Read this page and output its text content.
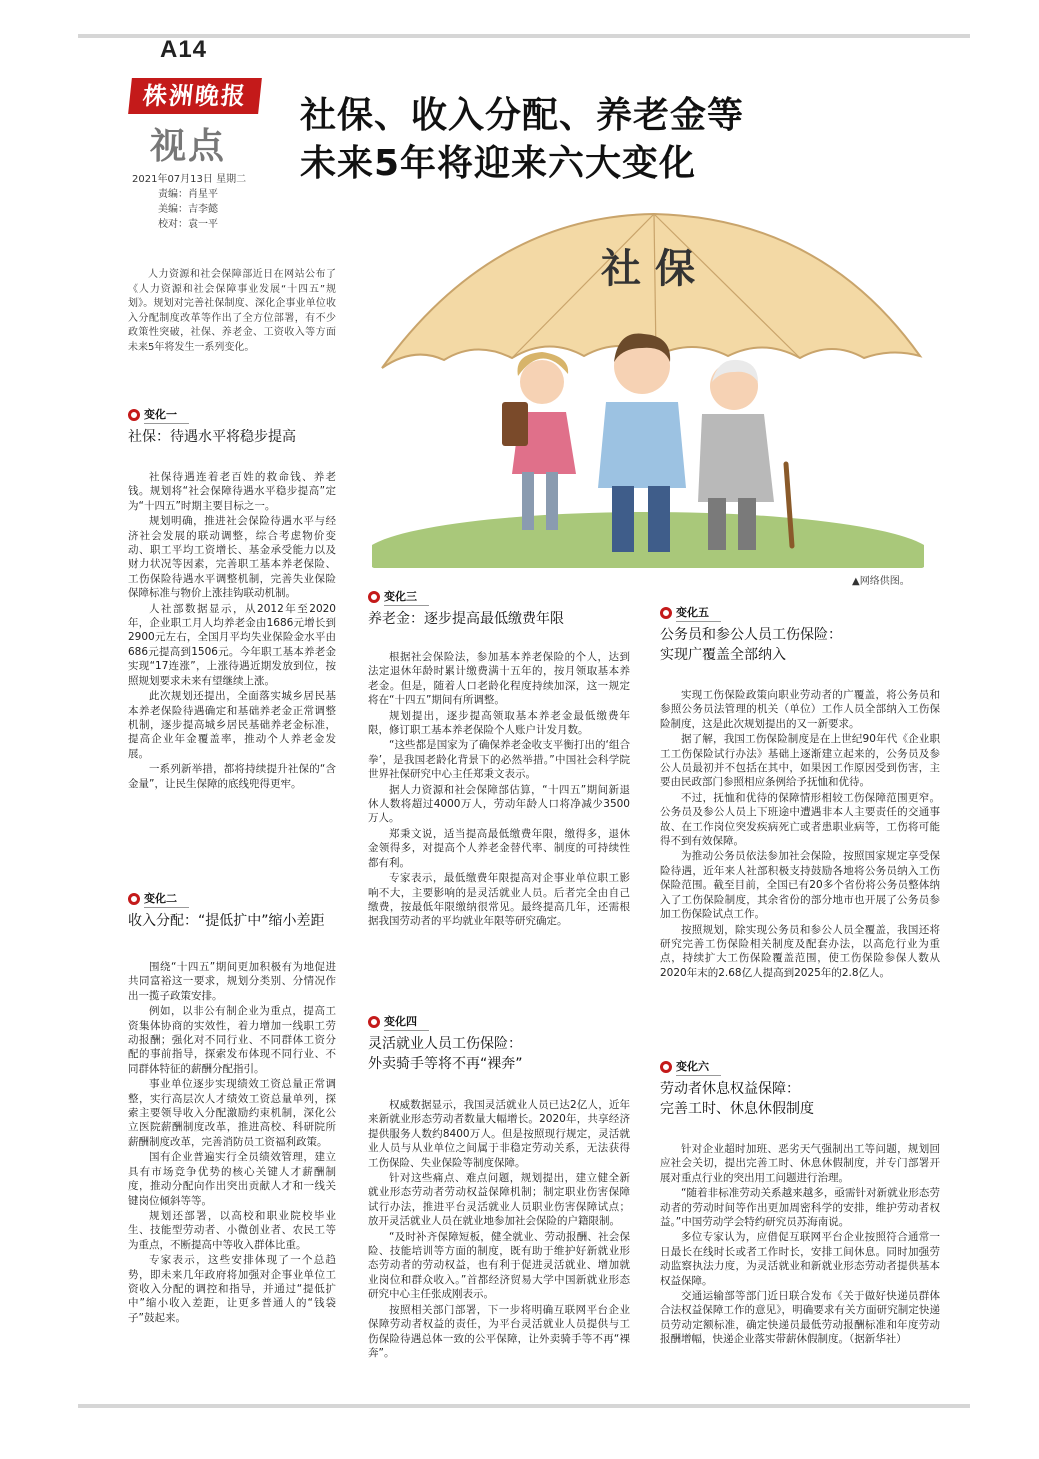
A14
株洲晚报
视点
2021年07月13日 星期二
责编：肖星平
美编：吉李懿
校对：袁一平
社保、收入分配、养老金等
未来5年将迎来六大变化
社 保
▲网络供图。

人力资源和社会保障部近日在网站公布了《人力资源和社会保障事业发展“十四五”规划》。规划对完善社保制度、深化企事业单位收入分配制度改革等作出了全方位部署，有不少政策性突破，社保、养老金、工资收入等方面未来5年将发生一系列变化。

变化一
社保：待遇水平将稳步提高

社保待遇连着老百姓的救命钱、养老钱。规划将“社会保障待遇水平稳步提高”定为“十四五”时期主要目标之一。

规划明确，推进社会保险待遇水平与经济社会发展的联动调整，综合考虑物价变动、职工平均工资增长、基金承受能力以及财力状况等因素，完善职工基本养老保险、工伤保险待遇水平调整机制，完善失业保险保障标准与物价上涨挂钩联动机制。

人社部数据显示，从2012年至2020年，企业职工月人均养老金由1686元增长到2900元左右，全国月平均失业保险金水平由686元提高到1506元。今年职工基本养老金实现“17连涨”，上涨待遇近期发放到位，按照规划要求未来有望继续上涨。

此次规划还提出，全面落实城乡居民基本养老保险待遇确定和基础养老金正常调整机制，逐步提高城乡居民基础养老金标准，提高企业年金覆盖率，推动个人养老金发展。

一系列新举措，都将持续提升社保的“含金量”，让民生保障的底线兜得更牢。

变化二
收入分配：“提低扩中”缩小差距

围绕“十四五”期间更加积极有为地促进共同富裕这一要求，规划分类别、分情况作出一揽子政策安排。

例如，以非公有制企业为重点，提高工资集体协商的实效性，着力增加一线职工劳动报酬；强化对不同行业、不同群体工资分配的事前指导，探索发布体现不同行业、不同群体特征的薪酬分配指引。

事业单位逐步实现绩效工资总量正常调整，实行高层次人才绩效工资总量单列，探索主要领导收入分配激励约束机制，深化公立医院薪酬制度改革，推进高校、科研院所薪酬制度改革，完善消防员工资福利政策。

国有企业普遍实行全员绩效管理，建立具有市场竞争优势的核心关键人才薪酬制度，推动分配向作出突出贡献人才和一线关键岗位倾斜等等。

规划还部署，以高校和职业院校毕业生、技能型劳动者、小微创业者、农民工等为重点，不断提高中等收入群体比重。

专家表示，这些安排体现了一个总趋势，即未来几年政府将加强对企事业单位工资收入分配的调控和指导，并通过“提低扩中”缩小收入差距，让更多普通人的“钱袋子”鼓起来。

变化三
养老金：逐步提高最低缴费年限

根据社会保险法，参加基本养老保险的个人，达到法定退休年龄时累计缴费满十五年的，按月领取基本养老金。但是，随着人口老龄化程度持续加深，这一规定将在“十四五”期间有所调整。

规划提出，逐步提高领取基本养老金最低缴费年限，修订职工基本养老保险个人账户计发月数。

“这些都是国家为了确保养老金收支平衡打出的‘组合拳’，是我国老龄化背景下的必然举措。”中国社会科学院世界社保研究中心主任郑秉文表示。

据人力资源和社会保障部估算，“十四五”期间新退休人数将超过4000万人，劳动年龄人口将净减少3500万人。

郑秉文说，适当提高最低缴费年限，缴得多，退休金领得多，对提高个人养老金替代率、制度的可持续性都有利。

专家表示，最低缴费年限提高对企事业单位职工影响不大，主要影响的是灵活就业人员。后者完全由自己缴费，按最低年限缴纳很常见。最终提高几年，还需根据我国劳动者的平均就业年限等研究确定。

变化四
灵活就业人员工伤保险：
外卖骑手等将不再“裸奔”

权威数据显示，我国灵活就业人员已达2亿人，近年来新就业形态劳动者数量大幅增长。2020年，共享经济提供服务人数约8400万人。但是按照现行规定，灵活就业人员与从业单位之间属于非稳定劳动关系，无法获得工伤保险、失业保险等制度保障。

针对这些痛点、难点问题，规划提出，建立健全新就业形态劳动者劳动权益保障机制；制定职业伤害保障试行办法，推进平台灵活就业人员职业伤害保障试点；放开灵活就业人员在就业地参加社会保险的户籍限制。

“及时补齐保障短板，健全就业、劳动报酬、社会保险、技能培训等方面的制度，既有助于维护好新就业形态劳动者的劳动权益，也有利于促进灵活就业、增加就业岗位和群众收入。”首都经济贸易大学中国新就业形态研究中心主任张成刚表示。

按照相关部门部署，下一步将明确互联网平台企业保障劳动者权益的责任，为平台灵活就业人员提供与工伤保险待遇总体一致的公平保障，让外卖骑手等不再“裸奔”。

变化五
公务员和参公人员工伤保险：
实现广覆盖全部纳入

实现工伤保险政策向职业劳动者的广覆盖，将公务员和参照公务员法管理的机关（单位）工作人员全部纳入工伤保险制度，这是此次规划提出的又一新要求。

据了解，我国工伤保险制度是在上世纪90年代《企业职工工伤保险试行办法》基础上逐渐建立起来的，公务员及参公人员最初并不包括在其中，如果因工作原因受到伤害，主要由民政部门参照相应条例给予抚恤和优待。

不过，抚恤和优待的保障情形相较工伤保障范围更窄。公务员及参公人员上下班途中遭遇非本人主要责任的交通事故、在工作岗位突发疾病死亡或者患职业病等，工伤将可能得不到有效保障。

为推动公务员依法参加社会保险，按照国家规定享受保险待遇，近年来人社部积极支持鼓励各地将公务员纳入工伤保险范围。截至目前，全国已有20多个省份将公务员整体纳入了工伤保险制度，其余省份的部分地市也开展了公务员参加工伤保险试点工作。

按照规划，除实现公务员和参公人员全覆盖，我国还将研究完善工伤保险相关制度及配套办法，以高危行业为重点，持续扩大工伤保险覆盖范围，使工伤保险参保人数从2020年末的2.68亿人提高到2025年的2.8亿人。

变化六
劳动者休息权益保障：
完善工时、休息休假制度

针对企业超时加班、恶劣天气强制出工等问题，规划回应社会关切，提出完善工时、休息休假制度，并专门部署开展对重点行业的突出用工问题进行治理。

“随着非标准劳动关系越来越多，亟需针对新就业形态劳动者的劳动时间等作出更加周密科学的安排，维护劳动者权益。”中国劳动学会特约研究员苏海南说。

多位专家认为，应借促互联网平台企业按照符合通常一日最长在线时长或者工作时长，安排工间休息。同时加强劳动监察执法力度，为灵活就业和新就业形态劳动者提供基本权益保障。

交通运输部等部门近日联合发布《关于做好快递员群体合法权益保障工作的意见》，明确要求有关方面研究制定快递员劳动定额标准，确定快递员最低劳动报酬标准和年度劳动报酬增幅，快递企业落实带薪休假制度。（据新华社）
